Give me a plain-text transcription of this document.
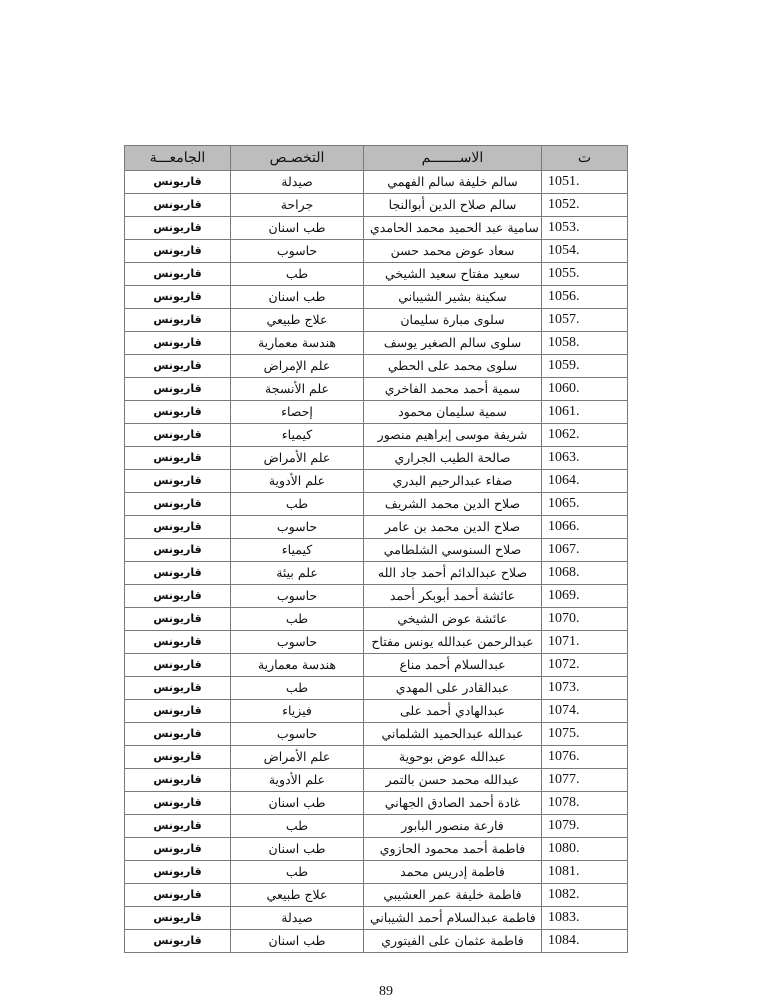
الجامعـــة	التخصـص	الاســـــــم	ت
قاريونس	صيدلة	سالم خليفة سالم الفهمي	1051.
قاريونس	جراحة	سالم صلاح الدين أبوالنجا	1052.
قاريونس	طب اسنان	سامية عبد الحميد محمد الحامدي	1053.
قاريونس	حاسوب	سعاد عوض محمد حسن	1054.
قاريونس	طب	سعيد مفتاح سعيد الشيخي	1055.
قاريونس	طب اسنان	سكينة بشير الشيباني	1056.
قاريونس	علاج طبيعي	سلوى مبارة سليمان	1057.
قاريونس	هندسة معمارية	سلوى سالم الصغير يوسف	1058.
قاريونس	علم الإمراض	سلوى محمد على الحطي	1059.
قاريونس	علم الأنسجة	سمية أحمد محمد الفاخري	1060.
قاريونس	إحصاء	سمية سليمان محمود	1061.
قاريونس	كيمياء	شريفة موسى إبراهيم منصور	1062.
قاريونس	علم الأمراض	صالحة الطيب الجراري	1063.
قاريونس	علم الأدوية	صفاء عبدالرحيم البدري	1064.
قاريونس	طب	صلاح الدين محمد الشريف	1065.
قاريونس	حاسوب	صلاح الدين محمد بن عامر	1066.
قاريونس	كيمياء	صلاح السنوسي الشلطامي	1067.
قاريونس	علم بيئة	صلاح عبدالدائم أحمد جاد الله	1068.
قاريونس	حاسوب	عائشة أحمد أبوبكر أحمد	1069.
قاريونس	طب	عائشة عوض الشيخي	1070.
قاريونس	حاسوب	عبدالرحمن عبدالله يونس مفتاح	1071.
قاريونس	هندسة معمارية	عبدالسلام أحمد مناع	1072.
قاريونس	طب	عبدالقادر على المهدي	1073.
قاريونس	فيزياء	عبدالهادي أحمد على	1074.
قاريونس	حاسوب	عبدالله عبدالحميد الشلماني	1075.
قاريونس	علم الأمراض	عبدالله عوض بوحوية	1076.
قاريونس	علم الأدوية	عبدالله محمد حسن بالتمر	1077.
قاريونس	طب اسنان	غادة أحمد الصادق الجهاني	1078.
قاريونس	طب	فارعة منصور البابور	1079.
قاريونس	طب اسنان	فاطمة أحمد محمود الحازوي	1080.
قاريونس	طب	فاطمة إدريس محمد	1081.
قاريونس	علاج طبيعي	فاطمة خليفة عمر العشيبي	1082.
قاريونس	صيدلة	فاطمة عبدالسلام أحمد الشيباني	1083.
قاريونس	طب اسنان	فاطمة عثمان على الفيتوري	1084.
89
